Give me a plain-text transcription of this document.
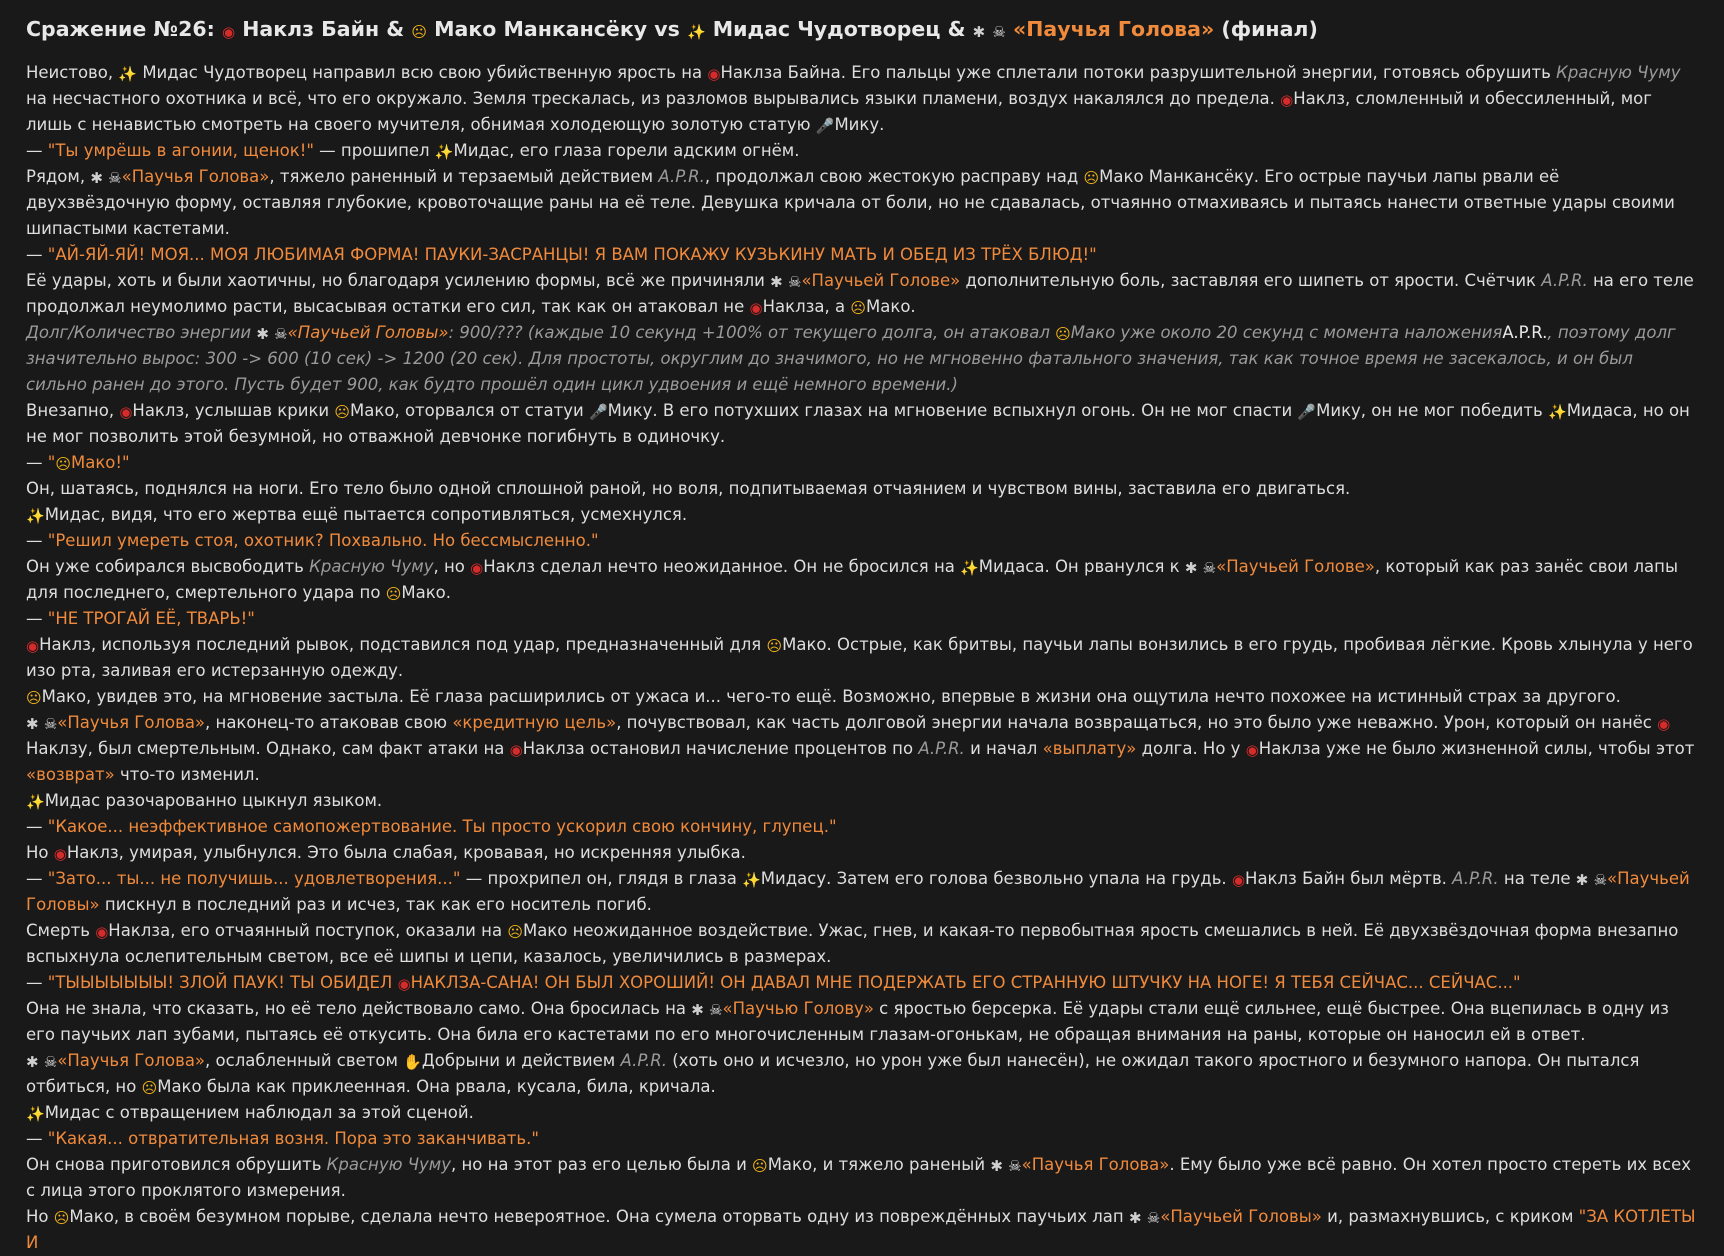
Сражение №26: ◉ Наклз Байн & ☹ Мако Манкансёку vs ✨ Мидас Чудотворец & ✱ ☠ «Паучья Голова» (финал)

Неистово, ✨ Мидас Чудотворец направил всю свою убийственную ярость на ◉Наклза Байна. Его пальцы уже сплетали потоки разрушительной энергии, готовясь обрушить Красную Чуму на несчастного охотника и всё, что его окружало. Земля трескалась, из разломов вырывались языки пламени, воздух накалялся до предела. ◉Наклз, сломленный и обессиленный, мог лишь с ненавистью смотреть на своего мучителя, обнимая холодеющую золотую статую 🎤Мику.

— "Ты умрёшь в агонии, щенок!" — прошипел ✨Мидас, его глаза горели адским огнём.

Рядом, ✱ ☠«Паучья Голова», тяжело раненный и терзаемый действием A.P.R., продолжал свою жестокую расправу над ☹Мако Манкансёку. Его острые паучьи лапы рвали её двухзвёздочную форму, оставляя глубокие, кровоточащие раны на её теле. Девушка кричала от боли, но не сдавалась, отчаянно отмахиваясь и пытаясь нанести ответные удары своими шипастыми кастетами.

— "АЙ-ЯЙ-ЯЙ! МОЯ... МОЯ ЛЮБИМАЯ ФОРМА! ПАУКИ-ЗАСРАНЦЫ! Я ВАМ ПОКАЖУ КУЗЬКИНУ МАТЬ И ОБЕД ИЗ ТРЁХ БЛЮД!"

Её удары, хоть и были хаотичны, но благодаря усилению формы, всё же причиняли ✱ ☠«Паучьей Голове» дополнительную боль, заставляя его шипеть от ярости. Счётчик A.P.R. на его теле продолжал неумолимо расти, высасывая остатки его сил, так как он атаковал не ◉Наклза, а ☹Мако.

Долг/Количество энергии ✱ ☠«Паучьей Головы»: 900/??? (каждые 10 секунд +100% от текущего долга, он атаковал ☹Мако уже около 20 секунд с момента наложенияA.P.R., поэтому долг значительно вырос: 300 -> 600 (10 сек) -> 1200 (20 сек). Для простоты, округлим до значимого, но не мгновенно фатального значения, так как точное время не засекалось, и он был сильно ранен до этого. Пусть будет 900, как будто прошёл один цикл удвоения и ещё немного времени.)

Внезапно, ◉Наклз, услышав крики ☹Мако, оторвался от статуи 🎤Мику. В его потухших глазах на мгновение вспыхнул огонь. Он не мог спасти 🎤Мику, он не мог победить ✨Мидаса, но он не мог позволить этой безумной, но отважной девчонке погибнуть в одиночку.

— "☹Мако!"

Он, шатаясь, поднялся на ноги. Его тело было одной сплошной раной, но воля, подпитываемая отчаянием и чувством вины, заставила его двигаться.

✨Мидас, видя, что его жертва ещё пытается сопротивляться, усмехнулся.

— "Решил умереть стоя, охотник? Похвально. Но бессмысленно."

Он уже собирался высвободить Красную Чуму, но ◉Наклз сделал нечто неожиданное. Он не бросился на ✨Мидаса. Он рванулся к ✱ ☠«Паучьей Голове», который как раз занёс свои лапы для последнего, смертельного удара по ☹Мако.

— "НЕ ТРОГАЙ ЕЁ, ТВАРЬ!"

◉Наклз, используя последний рывок, подставился под удар, предназначенный для ☹Мако. Острые, как бритвы, паучьи лапы вонзились в его грудь, пробивая лёгкие. Кровь хлынула у него изо рта, заливая его истерзанную одежду.

☹Мако, увидев это, на мгновение застыла. Её глаза расширились от ужаса и... чего-то ещё. Возможно, впервые в жизни она ощутила нечто похожее на истинный страх за другого.

✱ ☠«Паучья Голова», наконец-то атаковав свою «кредитную цель», почувствовал, как часть долговой энергии начала возвращаться, но это было уже неважно. Урон, который он нанёс ◉Наклзу, был смертельным. Однако, сам факт атаки на ◉Наклза остановил начисление процентов по A.P.R. и начал «выплату» долга. Но у ◉Наклза уже не было жизненной силы, чтобы этот «возврат» что-то изменил.

✨Мидас разочарованно цыкнул языком.

— "Какое... неэффективное самопожертвование. Ты просто ускорил свою кончину, глупец."

Но ◉Наклз, умирая, улыбнулся. Это была слабая, кровавая, но искренняя улыбка.

— "Зато... ты... не получишь... удовлетворения..." — прохрипел он, глядя в глаза ✨Мидасу. Затем его голова безвольно упала на грудь. ◉Наклз Байн был мёртв. A.P.R. на теле ✱ ☠«Паучьей Головы» пискнул в последний раз и исчез, так как его носитель погиб.

Смерть ◉Наклза, его отчаянный поступок, оказали на ☹Мако неожиданное воздействие. Ужас, гнев, и какая-то первобытная ярость смешались в ней. Её двухзвёздочная форма внезапно вспыхнула ослепительным светом, все её шипы и цепи, казалось, увеличились в размерах.

— "ТЫЫЫЫЫЫЫ! ЗЛОЙ ПАУК! ТЫ ОБИДЕЛ ◉НАКЛЗА-САНА! ОН БЫЛ ХОРОШИЙ! ОН ДАВАЛ МНЕ ПОДЕРЖАТЬ ЕГО СТРАННУЮ ШТУЧКУ НА НОГЕ! Я ТЕБЯ СЕЙЧАС... СЕЙЧАС..."

Она не знала, что сказать, но её тело действовало само. Она бросилась на ✱ ☠«Паучью Голову» с яростью берсерка. Её удары стали ещё сильнее, ещё быстрее. Она вцепилась в одну из его паучьих лап зубами, пытаясь её откусить. Она била его кастетами по его многочисленным глазам-огонькам, не обращая внимания на раны, которые он наносил ей в ответ.

✱ ☠«Паучья Голова», ослабленный светом ✋Добрыни и действием A.P.R. (хоть оно и исчезло, но урон уже был нанесён), не ожидал такого яростного и безумного напора. Он пытался отбиться, но ☹Мако была как приклеенная. Она рвала, кусала, била, кричала.

✨Мидас с отвращением наблюдал за этой сценой.

— "Какая... отвратительная возня. Пора это заканчивать."

Он снова приготовился обрушить Красную Чуму, но на этот раз его целью была и ☹Мако, и тяжело раненый ✱ ☠«Паучья Голова». Ему было уже всё равно. Он хотел просто стереть их всех с лица этого проклятого измерения.

Но ☹Мако, в своём безумном порыве, сделала нечто невероятное. Она сумела оторвать одну из повреждённых паучьих лап ✱ ☠«Паучьей Головы» и, размахнувшись, с криком "ЗА КОТЛЕТЫ И
